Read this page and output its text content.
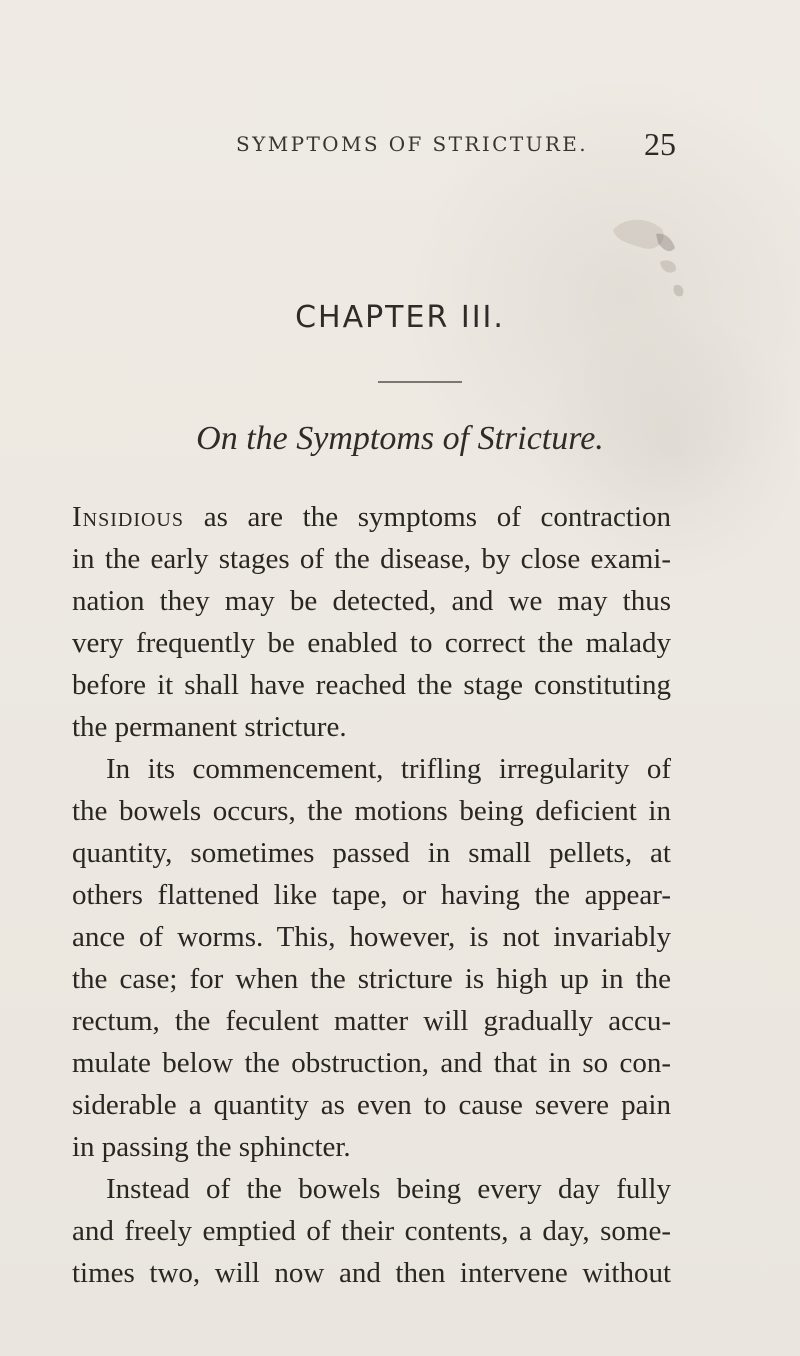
SYMPTOMS OF STRICTURE. 25
CHAPTER III.
On the Symptoms of Stricture.
Insidious as are the symptoms of contraction
in the early stages of the disease, by close exami-
nation they may be detected, and we may thus
very frequently be enabled to correct the malady
before it shall have reached the stage constituting
the permanent stricture.
In its commencement, trifling irregularity of
the bowels occurs, the motions being deficient in
quantity, sometimes passed in small pellets, at
others flattened like tape, or having the appear-
ance of worms. This, however, is not invariably
the case; for when the stricture is high up in the
rectum, the feculent matter will gradually accu-
mulate below the obstruction, and that in so con-
siderable a quantity as even to cause severe pain
in passing the sphincter.
Instead of the bowels being every day fully
and freely emptied of their contents, a day, some-
times two, will now and then intervene without
